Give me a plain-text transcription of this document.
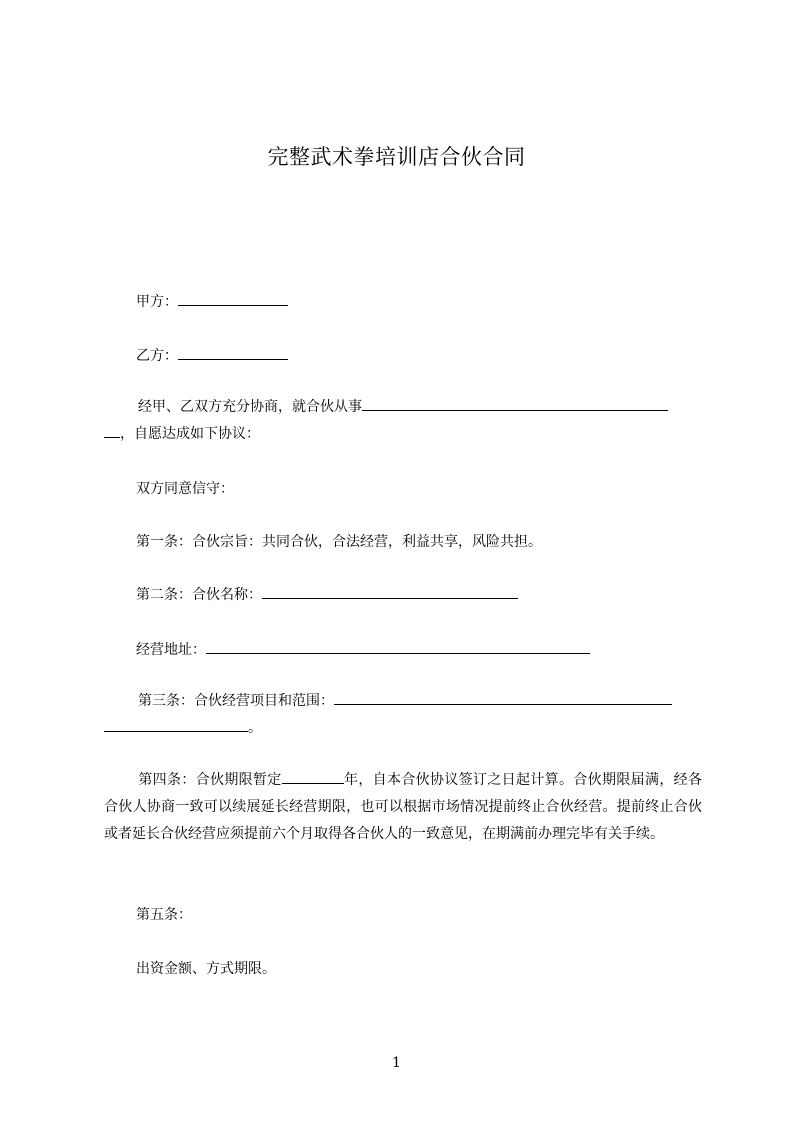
完整武术拳培训店合伙合同
甲方：
乙方：
经甲、乙双方充分协商，就合伙从事
，自愿达成如下协议：
双方同意信守：
第一条：合伙宗旨：共同合伙，合法经营，利益共享，风险共担。
第二条：合伙名称：
经营地址：
第三条：合伙经营项目和范围：
。
第四条：合伙期限暂定	年，自本合伙协议签订之日起计算。合伙期限届满，经各合伙人协商一致可以续展延长经营期限，也可以根据市场情况提前终止合伙经营。提前终止合伙或者延长合伙经营应须提前六个月取得各合伙人的一致意见，在期满前办理完毕有关手续。
第五条：
出资金额、方式期限。
1
